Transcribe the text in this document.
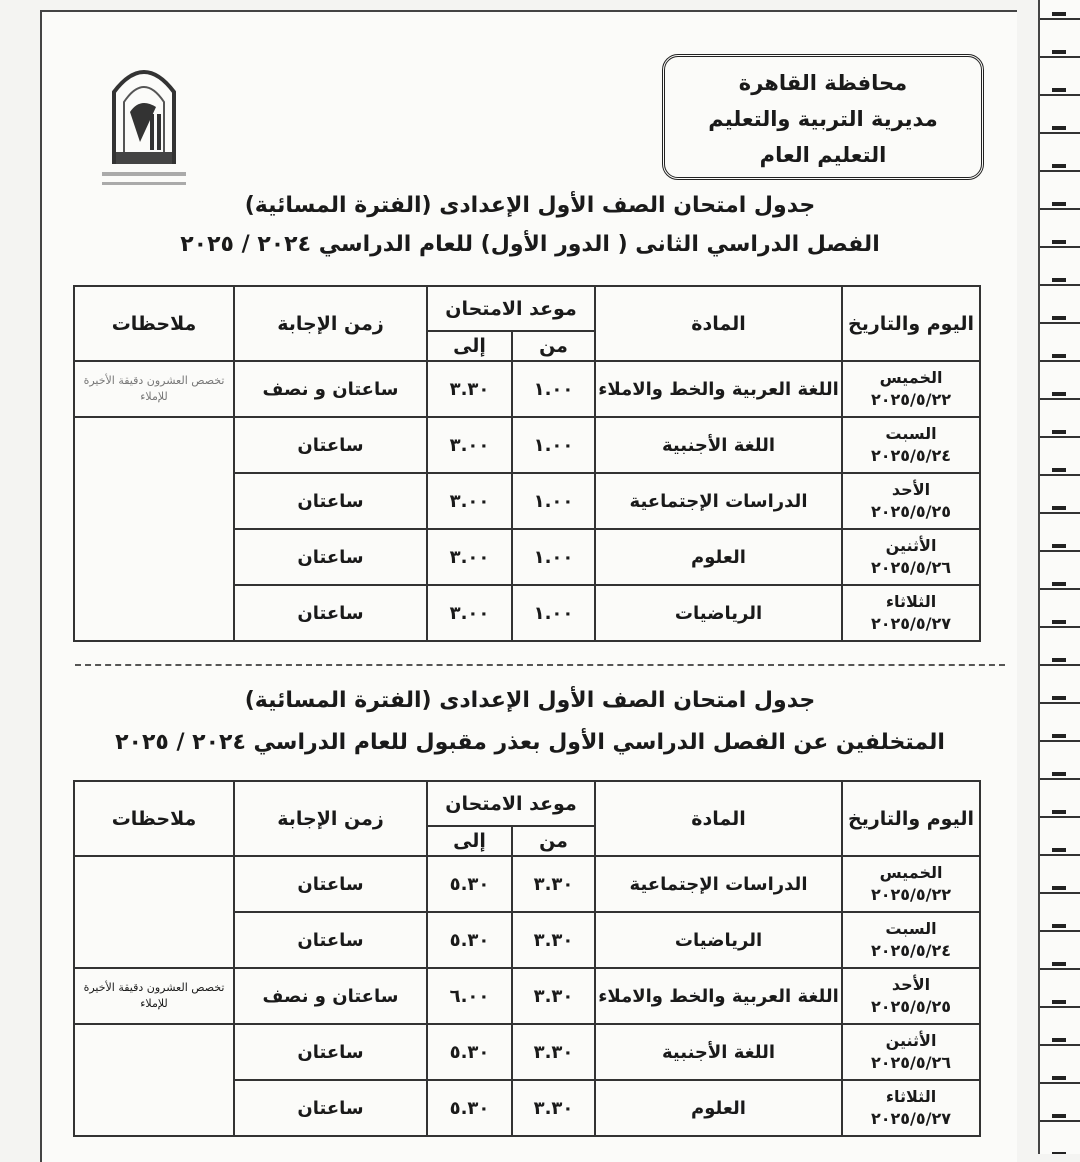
محافظة القاهرة
مديرية التربية والتعليم
التعليم العام
جدول امتحان الصف الأول الإعدادى (الفترة المسائية)
الفصل الدراسي الثانى ( الدور الأول) للعام الدراسي ٢٠٢٤ / ٢٠٢٥
اليوم والتاريخ	المادة	موعد الامتحان		زمن الإجابة	ملاحظات
		من	إلى		

الخميس
٢٠٢٥/٥/٢٢	اللغة العربية والخط والاملاء	١.٠٠	٣.٣٠	ساعتان و نصف	تخصص العشرون دقيقة الأخيرة للإملاء

السبت
٢٠٢٥/٥/٢٤	اللغة الأجنبية	١.٠٠	٣.٠٠	ساعتان	

الأحد
٢٠٢٥/٥/٢٥	الدراسات الإجتماعية	١.٠٠	٣.٠٠	ساعتان	

الأثنين
٢٠٢٥/٥/٢٦	العلوم	١.٠٠	٣.٠٠	ساعتان	

الثلاثاء
٢٠٢٥/٥/٢٧	الرياضيات	١.٠٠	٣.٠٠	ساعتان	
جدول امتحان الصف الأول الإعدادى (الفترة المسائية)
المتخلفين عن الفصل الدراسي الأول بعذر مقبول للعام الدراسي ٢٠٢٤ / ٢٠٢٥
اليوم والتاريخ	المادة	موعد الامتحان		زمن الإجابة	ملاحظات
		من	إلى		

الخميس
٢٠٢٥/٥/٢٢	الدراسات الإجتماعية	٣.٣٠	٥.٣٠	ساعتان	

السبت
٢٠٢٥/٥/٢٤	الرياضيات	٣.٣٠	٥.٣٠	ساعتان	

الأحد
٢٠٢٥/٥/٢٥	اللغة العربية والخط والاملاء	٣.٣٠	٦.٠٠	ساعتان و نصف	تخصص العشرون دقيقة الأخيرة للإملاء

الأثنين
٢٠٢٥/٥/٢٦	اللغة الأجنبية	٣.٣٠	٥.٣٠	ساعتان	

الثلاثاء
٢٠٢٥/٥/٢٧	العلوم	٣.٣٠	٥.٣٠	ساعتان	
